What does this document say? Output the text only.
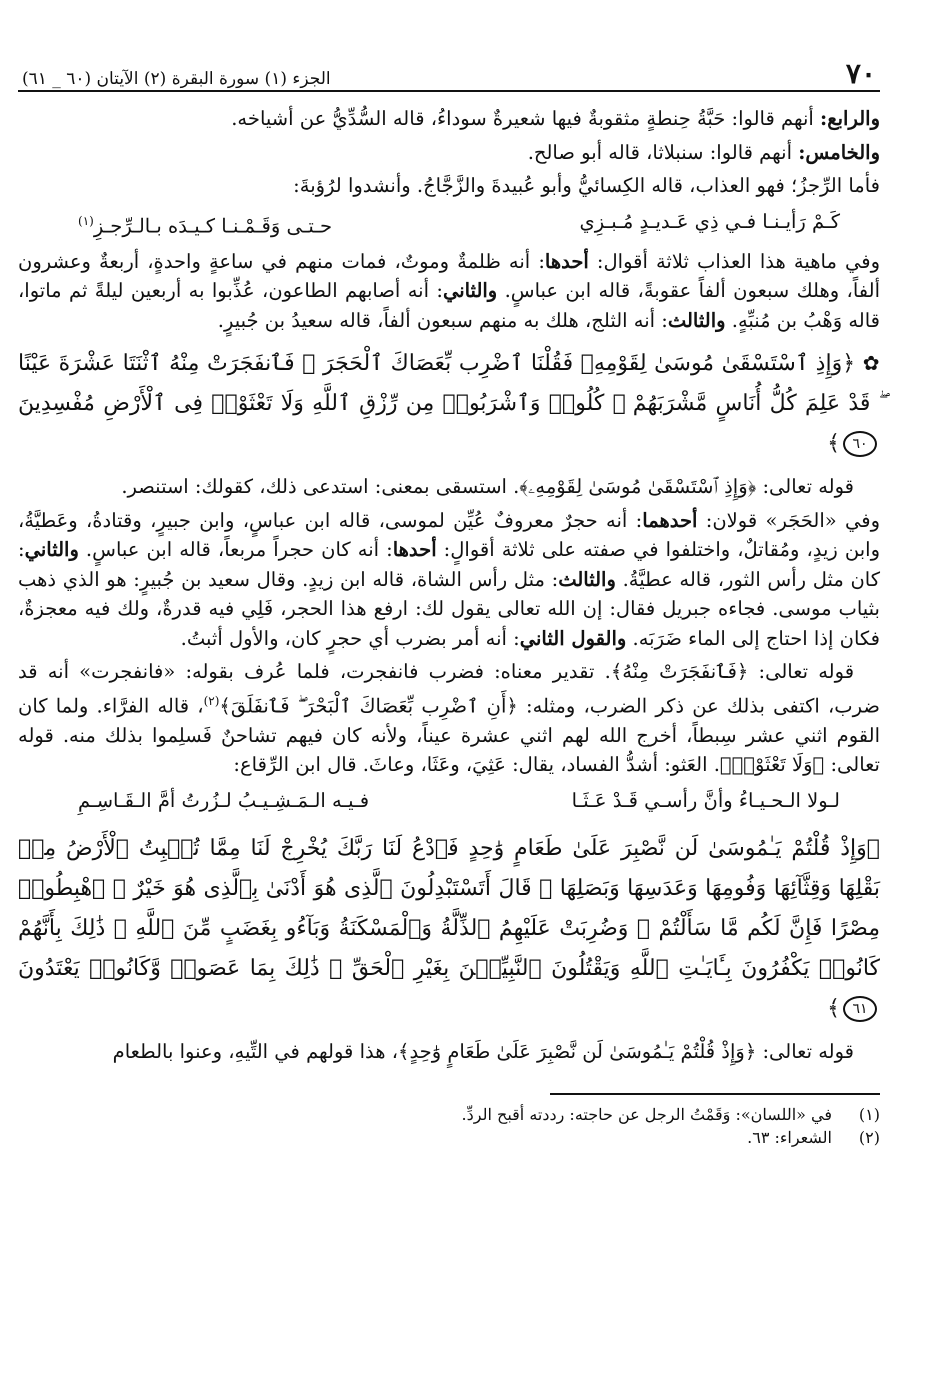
٧٠
الجزء (١) سورة البقرة (٢) الآيتان (٦٠ _ ٦١)

والرابع: أنهم قالوا: حَبَّةُ حِنطةٍ مثقوبةٌ فيها شعيرةٌ سوداءُ، قاله السُّدِّيُّ عن أشياخه.

والخامس: أنهم قالوا: سنبلاثا، قاله أبو صالح.

فأما الرِّجزُ؛ فهو العذاب، قاله الكِسائيُّ وأبو عُبيدةَ والزَّجَّاجُ. وأنشدوا لرُؤبةَ:

كَـمْ رَأيـنـا فـي ذِي عَـديـدٍ مُـبـزِي
حـتـى وَقَـمْـنـا كـيـدَه بـالـرِّجـزِ$^{(١)}$

وفي ماهية هذا العذاب ثلاثة أقوال: أحدها: أنه ظلمةٌ وموتٌ، فمات منهم في ساعةٍ واحدةٍ، أربعةٌ وعشرون ألفاً، وهلك سبعون ألفاً عقوبةً، قاله ابن عباسٍ. والثاني: أنه أصابهم الطاعون، عُذِّبوا به أربعين ليلةً ثم ماتوا، قاله وَهْبُ بن مُنبِّهٍ. والثالث: أنه الثلج، هلك به منهم سبعون ألفاً، قاله سعيدُ بن جُبيرٍ.

✿ ﴿وَإِذِ ٱسْتَسْقَىٰ مُوسَىٰ لِقَوْمِهِۦ فَقُلْنَا ٱضْرِب بِّعَصَاكَ ٱلْحَجَرَ ۖ فَٱنفَجَرَتْ مِنْهُ ٱثْنَتَا عَشْرَةَ عَيْنًا ۖ قَدْ عَلِمَ كُلُّ أُنَاسٍ مَّشْرَبَهُمْ ۖ كُلُوا۟ وَٱشْرَبُوا۟ مِن رِّزْقِ ٱللَّهِ وَلَا تَعْثَوْا۟ فِى ٱلْأَرْضِ مُفْسِدِينَ ٦٠﴾

قوله تعالى: ﴿وَإِذِ ٱسْتَسْقَىٰ مُوسَىٰ لِقَوْمِهِۦ﴾. استسقى بمعنى: استدعى ذلك، كقولك: استنصر.

وفي «الحَجَر» قولان: أحدهما: أنه حجرٌ معروفٌ عُيِّن لموسى، قاله ابن عباسٍ، وابن جبيرٍ، وقتادةُ، وعَطيَّةُ، وابن زيدٍ، ومُقاتلٌ، واختلفوا في صفته على ثلاثة أقوالٍ: أحدها: أنه كان حجراً مربعاً، قاله ابن عباسٍ. والثاني: كان مثل رأس الثور، قاله عطيَّةُ. والثالث: مثل رأس الشاة، قاله ابن زيدٍ. وقال سعيد بن جُبيرٍ: هو الذي ذهب بثياب موسى. فجاءه جبريل فقال: إن الله تعالى يقول لك: ارفع هذا الحجر، فَلِي فيه قدرةٌ، ولك فيه معجزةٌ، فكان إذا احتاج إلى الماء ضَرَبَه. والقول الثاني: أنه أمر بضرب أي حجرٍ كان، والأول أثبتُ.

قوله تعالى: ﴿فَٱنفَجَرَتْ مِنْهُ﴾. تقدير معناه: فضرب فانفجرت، فلما عُرف بقوله: «فانفجرت» أنه قد ضرب، اكتفى بذلك عن ذكر الضرب، ومثله: ﴿أَنِ ٱضْرِب بِّعَصَاكَ ٱلْبَحْرَ ۖ فَٱنفَلَقَ﴾$^{(٢)}$، قاله الفرَّاء. ولما كان القوم اثني عشر سِبطاً، أخرج الله لهم اثني عشرة عيناً، ولأنه كان فيهم تشاحنٌ فَسلِموا بذلك منه. قوله تعالى: ﴿وَلَا تَعْثَوْا۟﴾. العَثو: أشدُّ الفساد، يقال: عَثِيَ، وعَثَا، وعاثَ. قال ابن الرِّقاع:

لـولا الـحـيـاءُ وأنَّ رأسـي قَـدْ عَـثَـا
فـيـه الـمَـشِـيـبُ لـزُرتُ أمَّ الـقَـاسِـمِ
﴿وَإِذْ قُلْتُمْ يَـٰمُوسَىٰ لَن نَّصْبِرَ عَلَىٰ طَعَامٍ وَٰحِدٍ فَٱدْعُ لَنَا رَبَّكَ يُخْرِجْ لَنَا مِمَّا تُنۢبِتُ ٱلْأَرْضُ مِنۢ بَقْلِهَا وَقِثَّآئِهَا وَفُومِهَا وَعَدَسِهَا وَبَصَلِهَا ۖ قَالَ أَتَسْتَبْدِلُونَ ٱلَّذِى هُوَ أَدْنَىٰ بِٱلَّذِى هُوَ خَيْرٌ ۚ ٱهْبِطُوا۟ مِصْرًا فَإِنَّ لَكُم مَّا سَأَلْتُمْ ۗ وَضُرِبَتْ عَلَيْهِمُ ٱلذِّلَّةُ وَٱلْمَسْكَنَةُ وَبَآءُو بِغَضَبٍ مِّنَ ٱللَّهِ ۗ ذَٰلِكَ بِأَنَّهُمْ كَانُوا۟ يَكْفُرُونَ بِـَٔايَـٰتِ ٱللَّهِ وَيَقْتُلُونَ ٱلنَّبِيِّـۧنَ بِغَيْرِ ٱلْحَقِّ ۗ ذَٰلِكَ بِمَا عَصَوا۟ وَّكَانُوا۟ يَعْتَدُونَ ٦١﴾

قوله تعالى: ﴿وَإِذْ قُلْتُمْ يَـٰمُوسَىٰ لَن نَّصْبِرَ عَلَىٰ طَعَامٍ وَٰحِدٍ﴾، هذا قولهم في التِّيهِ، وعنوا بالطعام

(١)
في «اللسان»: وَقَمْتُ الرجل عن حاجته: رددته أقبح الردِّ.
(٢)
الشعراء: ٦٣.
